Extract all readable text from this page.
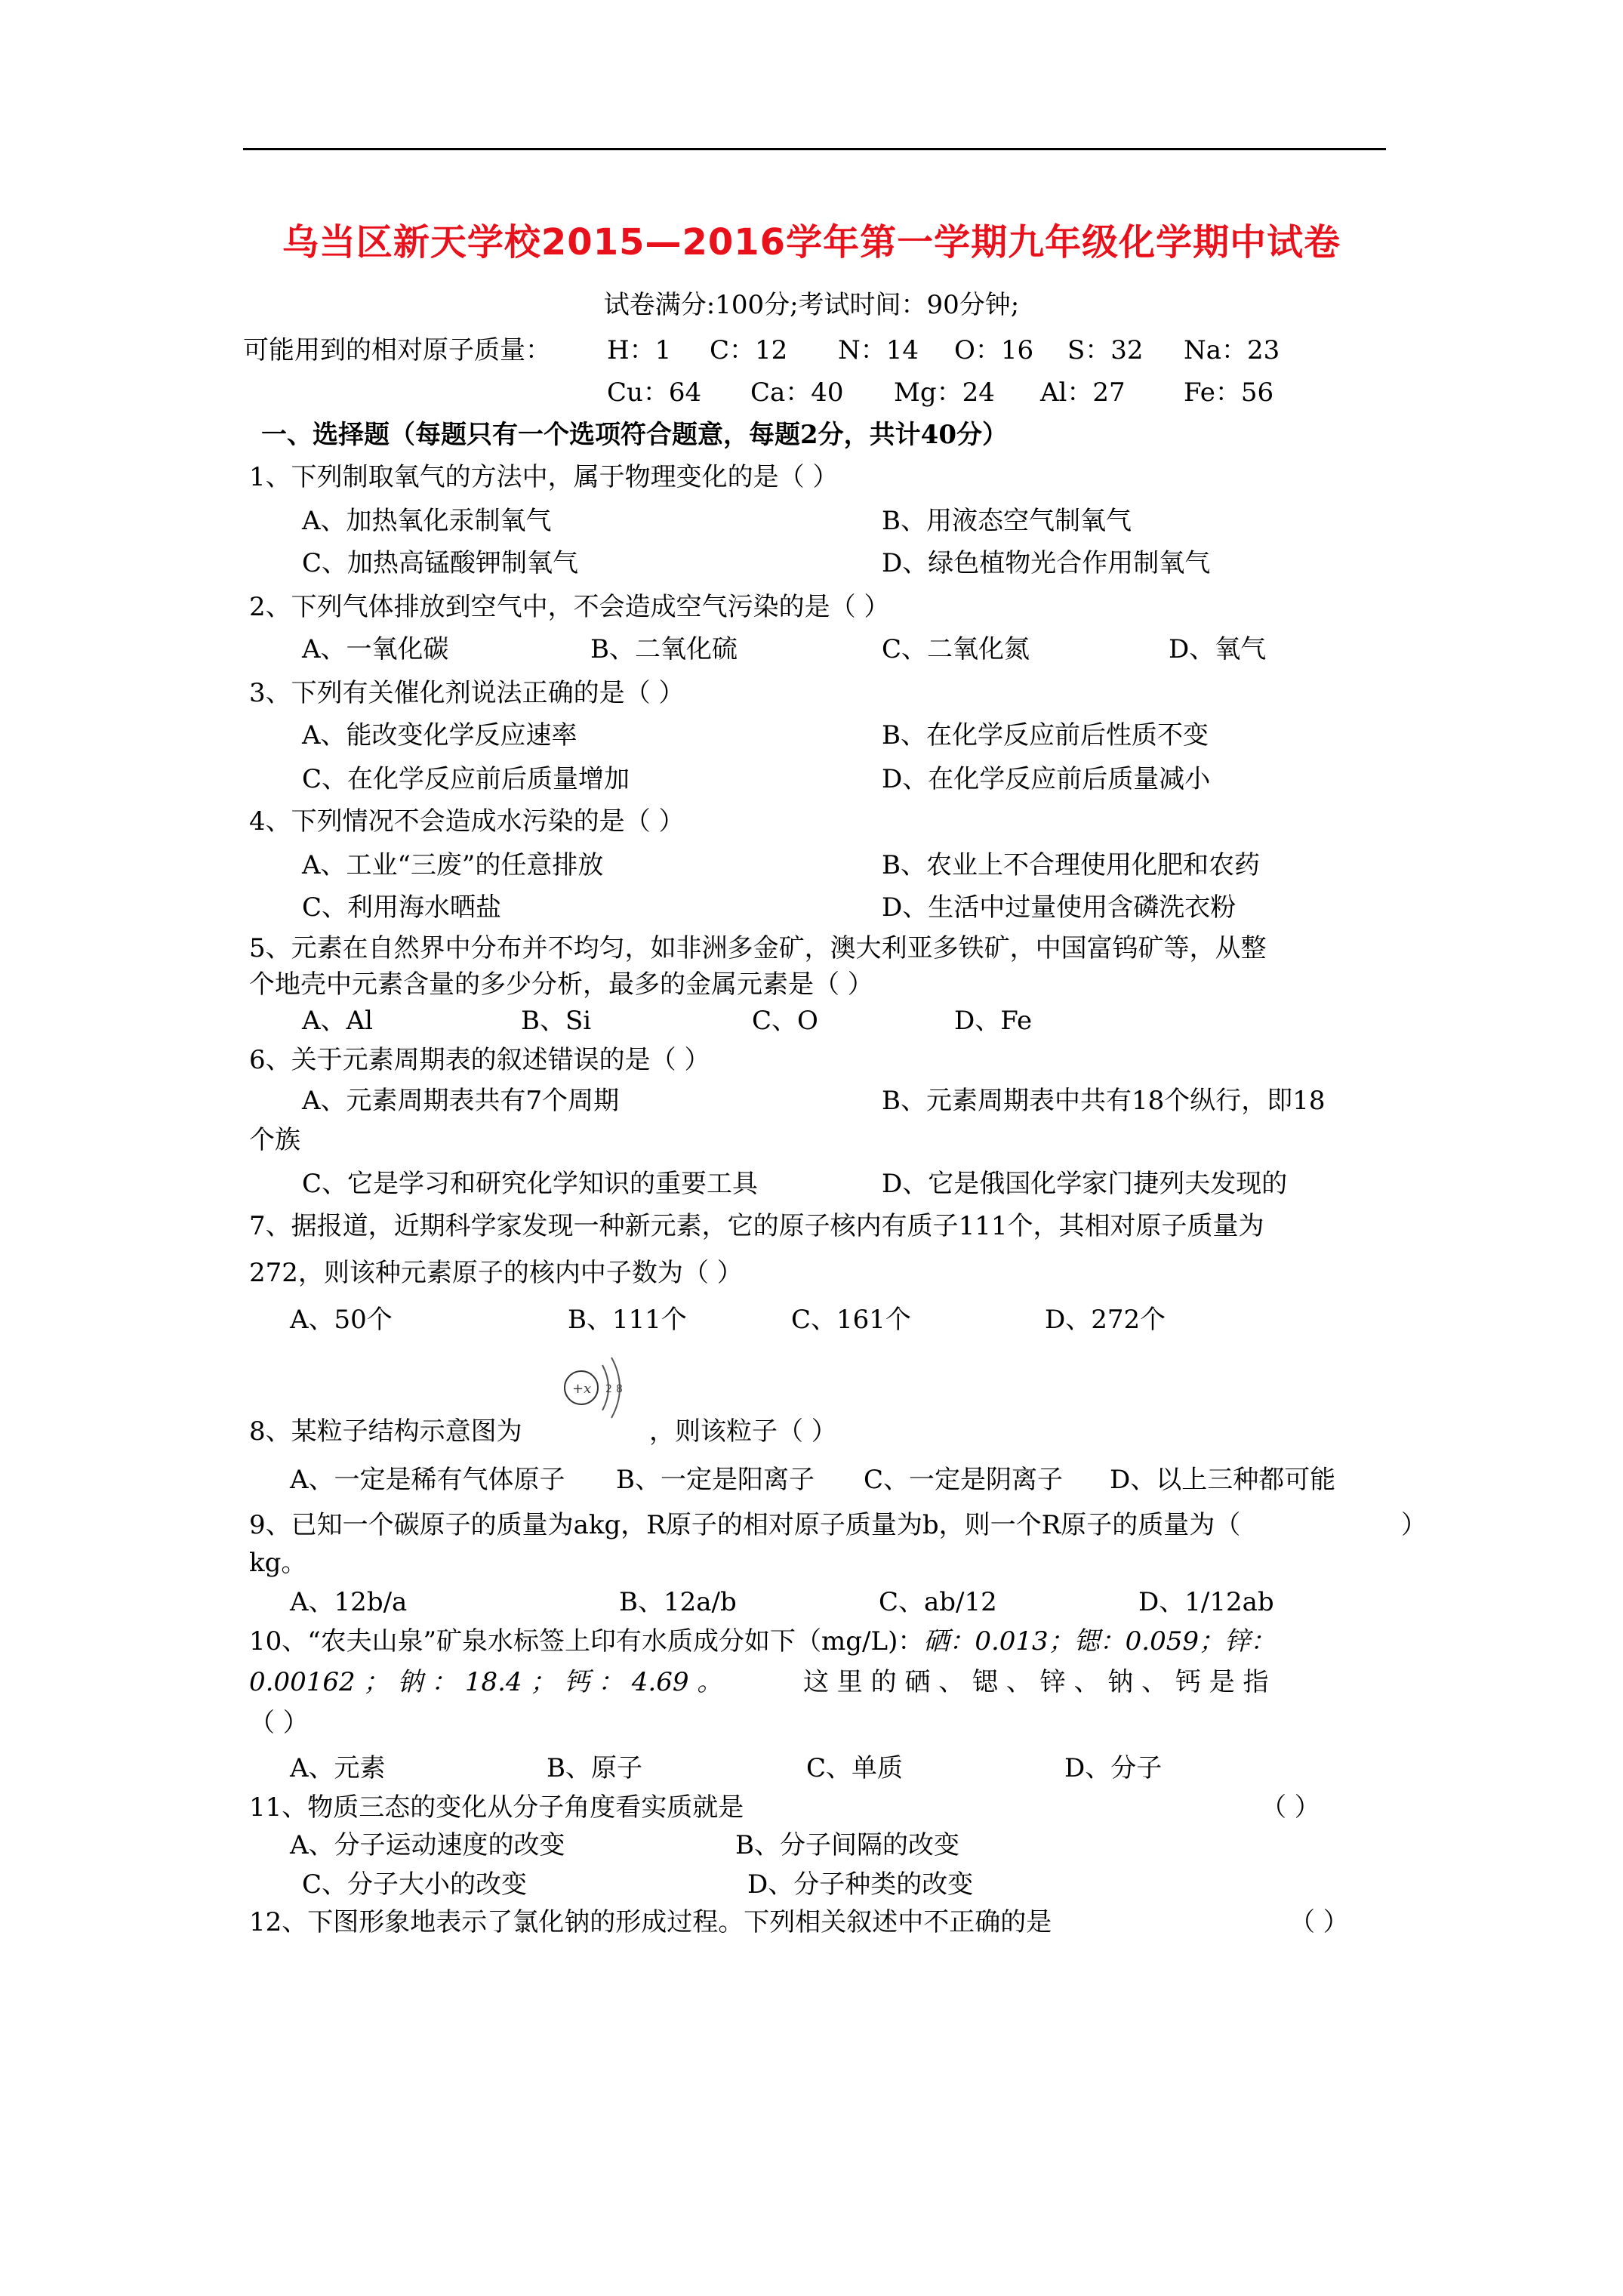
乌当区新天学校2015—2016学年第一学期九年级化学期中试卷
试卷满分:100分;考试时间：90分钟;
可能用到的相对原子质量： H：1 C：12 N：14 O：16 S：32 Na：23
Cu：64 Ca：40 Mg：24 Al：27 Fe：56
一、选择题（每题只有一个选项符合题意，每题2分，共计40分）
1、下列制取氧气的方法中，属于物理变化的是（ ）
A、加热氧化汞制氧气	B、用液态空气制氧气
C、加热高锰酸钾制氧气	D、绿色植物光合作用制氧气
2、下列气体排放到空气中，不会造成空气污染的是（ ）
A、一氧化碳	B、二氧化硫	C、二氧化氮	D、氧气
3、下列有关催化剂说法正确的是（ ）
A、能改变化学反应速率	B、在化学反应前后性质不变
C、在化学反应前后质量增加	D、在化学反应前后质量减小
4、下列情况不会造成水污染的是（ ）
A、工业“三废”的任意排放	B、农业上不合理使用化肥和农药
C、利用海水晒盐	D、生活中过量使用含磷洗衣粉
5、元素在自然界中分布并不均匀，如非洲多金矿，澳大利亚多铁矿，中国富钨矿等，从整
个地壳中元素含量的多少分析，最多的金属元素是（ ）
A、Al	B、Si	C、O	D、Fe
6、关于元素周期表的叙述错误的是（ ）
A、元素周期表共有7个周期	B、元素周期表中共有18个纵行，即18
个族
C、它是学习和研究化学知识的重要工具	D、它是俄国化学家门捷列夫发现的
7、据报道，近期科学家发现一种新元素，它的原子核内有质子111个，其相对原子质量为
272，则该种元素原子的核内中子数为（ ）
A、50个	B、111个	C、161个	D、272个
+x 2 8
8、某粒子结构示意图为	，则该粒子（ ）
A、一定是稀有气体原子 B、一定是阳离子 C、一定是阴离子 D、以上三种都可能
9、已知一个碳原子的质量为akg，R原子的相对原子质量为b，则一个R原子的质量为（	）
kg。
A、12b/a	B、12a/b	C、ab/12	D、1/12ab
10、“农夫山泉”矿泉水标签上印有水质成分如下（mg/L)：硒：0.013；锶：0.059；锌：
0.00162 ； 钠 ： 18.4 ； 钙 ： 4.69 。	这 里 的 硒 、 锶 、 锌 、 钠 、 钙 是 指
（ ）
A、元素	B、原子	C、单质	D、分子
11、物质三态的变化从分子角度看实质就是	（ ）
A、分子运动速度的改变	B、分子间隔的改变
C、分子大小的改变	D、分子种类的改变
12、下图形象地表示了氯化钠的形成过程。下列相关叙述中不正确的是	（ ）
